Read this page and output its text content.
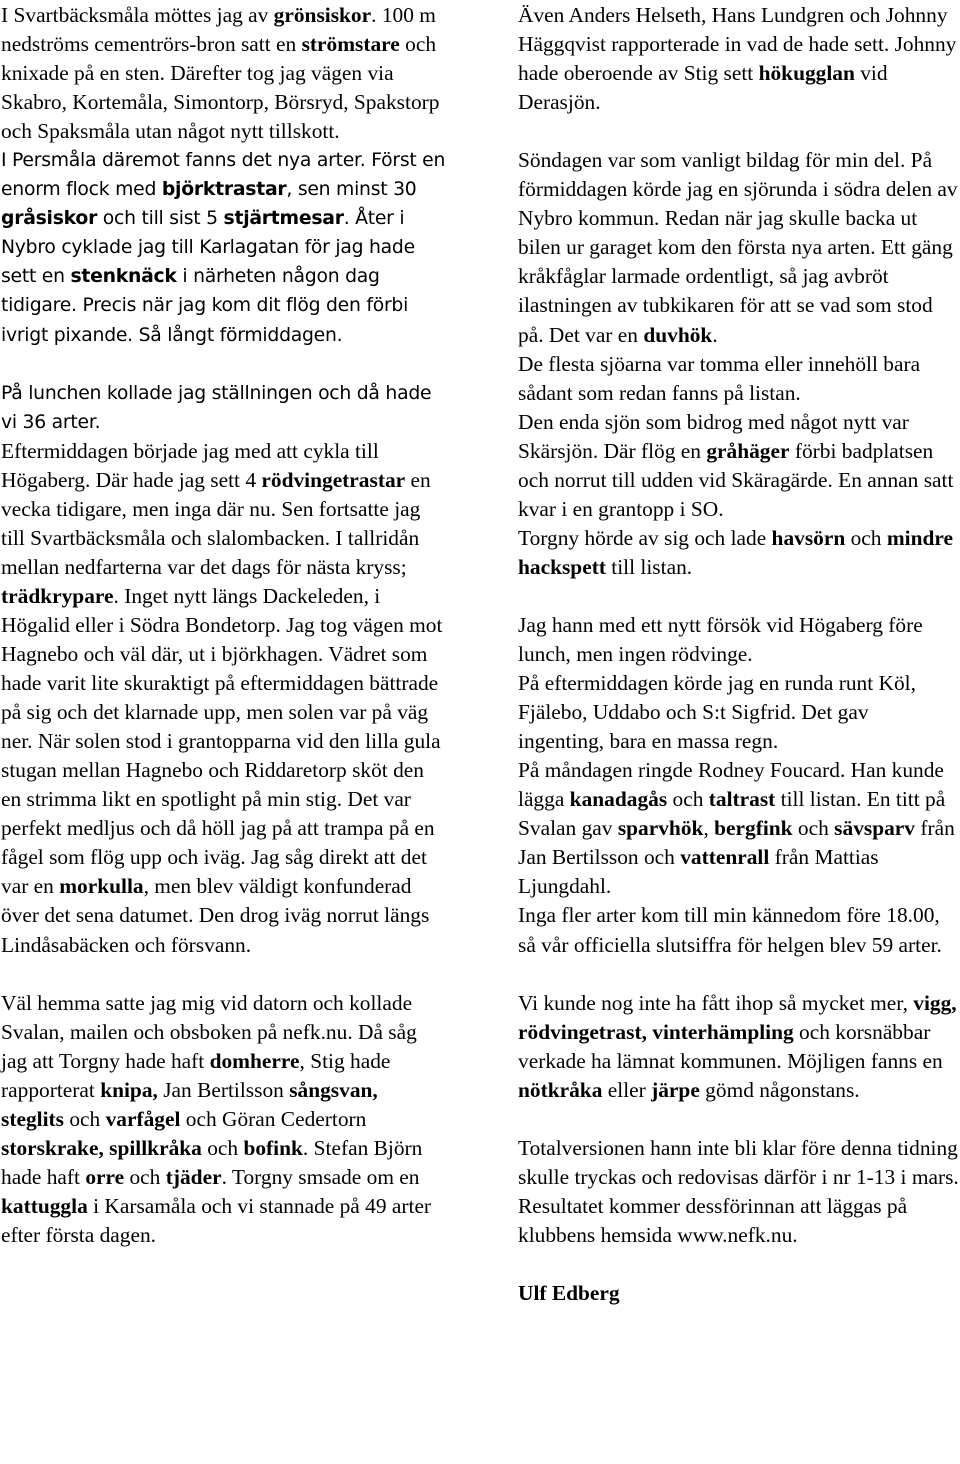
I Svartbäcksmåla möttes jag av grönsiskor. 100 m nedströms cementrörs-bron satt en strömstare och knixade på en sten. Därefter tog jag vägen via Skabro, Kortemåla, Simontorp, Börsryd, Spakstorp och Spaksmåla utan något nytt tillskott.

I Persmåla däremot fanns det nya arter. Först en enorm flock med björktrastar, sen minst 30 gråsiskor och till sist 5 stjärtmesar. Åter i Nybro cyklade jag till Karlagatan för jag hade sett en stenknäck i närheten någon dag tidigare. Precis när jag kom dit flög den förbi ivrigt pixande. Så långt förmiddagen.

På lunchen kollade jag ställningen och då hade vi 36 arter.

Eftermiddagen började jag med att cykla till Högaberg. Där hade jag sett 4 rödvingetrastar en vecka tidigare, men inga där nu. Sen fortsatte jag till Svartbäcksmåla och slalombacken. I tallridån mellan nedfarterna var det dags för nästa kryss; trädkrypare. Inget nytt längs Dackeleden, i Högalid eller i Södra Bondetorp. Jag tog vägen mot Hagnebo och väl där, ut i björkhagen. Vädret som hade varit lite skuraktigt på eftermiddagen bättrade på sig och det klarnade upp, men solen var på väg ner. När solen stod i grantopparna vid den lilla gula stugan mellan Hagnebo och Riddaretorp sköt den en strimma likt en spotlight på min stig. Det var perfekt medljus och då höll jag på att trampa på en fågel som flög upp och iväg. Jag såg direkt att det var en morkulla, men blev väldigt konfunderad över det sena datumet. Den drog iväg norrut längs Lindåsabäcken och försvann.

Väl hemma satte jag mig vid datorn och kollade Svalan, mailen och obsboken på nefk.nu. Då såg jag att Torgny hade haft domherre, Stig hade rapporterat knipa, Jan Bertilsson sångsvan, steglits och varfågel och Göran Cedertorn storskrake, spillkråka och bofink. Stefan Björn hade haft orre och tjäder. Torgny smsade om en kattuggla i Karsamåla och vi stannade på 49 arter efter första dagen.

Även Anders Helseth, Hans Lundgren och Johnny Häggqvist rapporterade in vad de hade sett. Johnny hade oberoende av Stig sett hökugglan vid Derasjön.

Söndagen var som vanligt bildag för min del. På förmiddagen körde jag en sjörunda i södra delen av Nybro kommun. Redan när jag skulle backa ut bilen ur garaget kom den första nya arten. Ett gäng kråkfåglar larmade ordentligt, så jag avbröt ilastningen av tubkikaren för att se vad som stod på. Det var en duvhök.

De flesta sjöarna var tomma eller innehöll bara sådant som redan fanns på listan.

Den enda sjön som bidrog med något nytt var Skärsjön. Där flög en gråhäger förbi badplatsen och norrut till udden vid Skäragärde. En annan satt kvar i en grantopp i SO.

Torgny hörde av sig och lade havsörn och mindre hackspett till listan.

Jag hann med ett nytt försök vid Högaberg före lunch, men ingen rödvinge.

På eftermiddagen körde jag en runda runt Köl, Fjälebo, Uddabo och S:t Sigfrid. Det gav ingenting, bara en massa regn.

På måndagen ringde Rodney Foucard. Han kunde lägga kanadagås och taltrast till listan. En titt på Svalan gav sparvhök, bergfink och sävsparv från Jan Bertilsson och vattenrall från Mattias Ljungdahl.

Inga fler arter kom till min kännedom före 18.00, så vår officiella slutsiffra för helgen blev 59 arter.

Vi kunde nog inte ha fått ihop så mycket mer, vigg, rödvingetrast, vinterhämpling och korsnäbbar verkade ha lämnat kommunen. Möjligen fanns en nötkråka eller järpe gömd någonstans.

Totalversionen hann inte bli klar före denna tidning skulle tryckas och redovisas därför i nr 1-13 i mars. Resultatet kommer dessförinnan att läggas på klubbens hemsida www.nefk.nu.

Ulf Edberg
